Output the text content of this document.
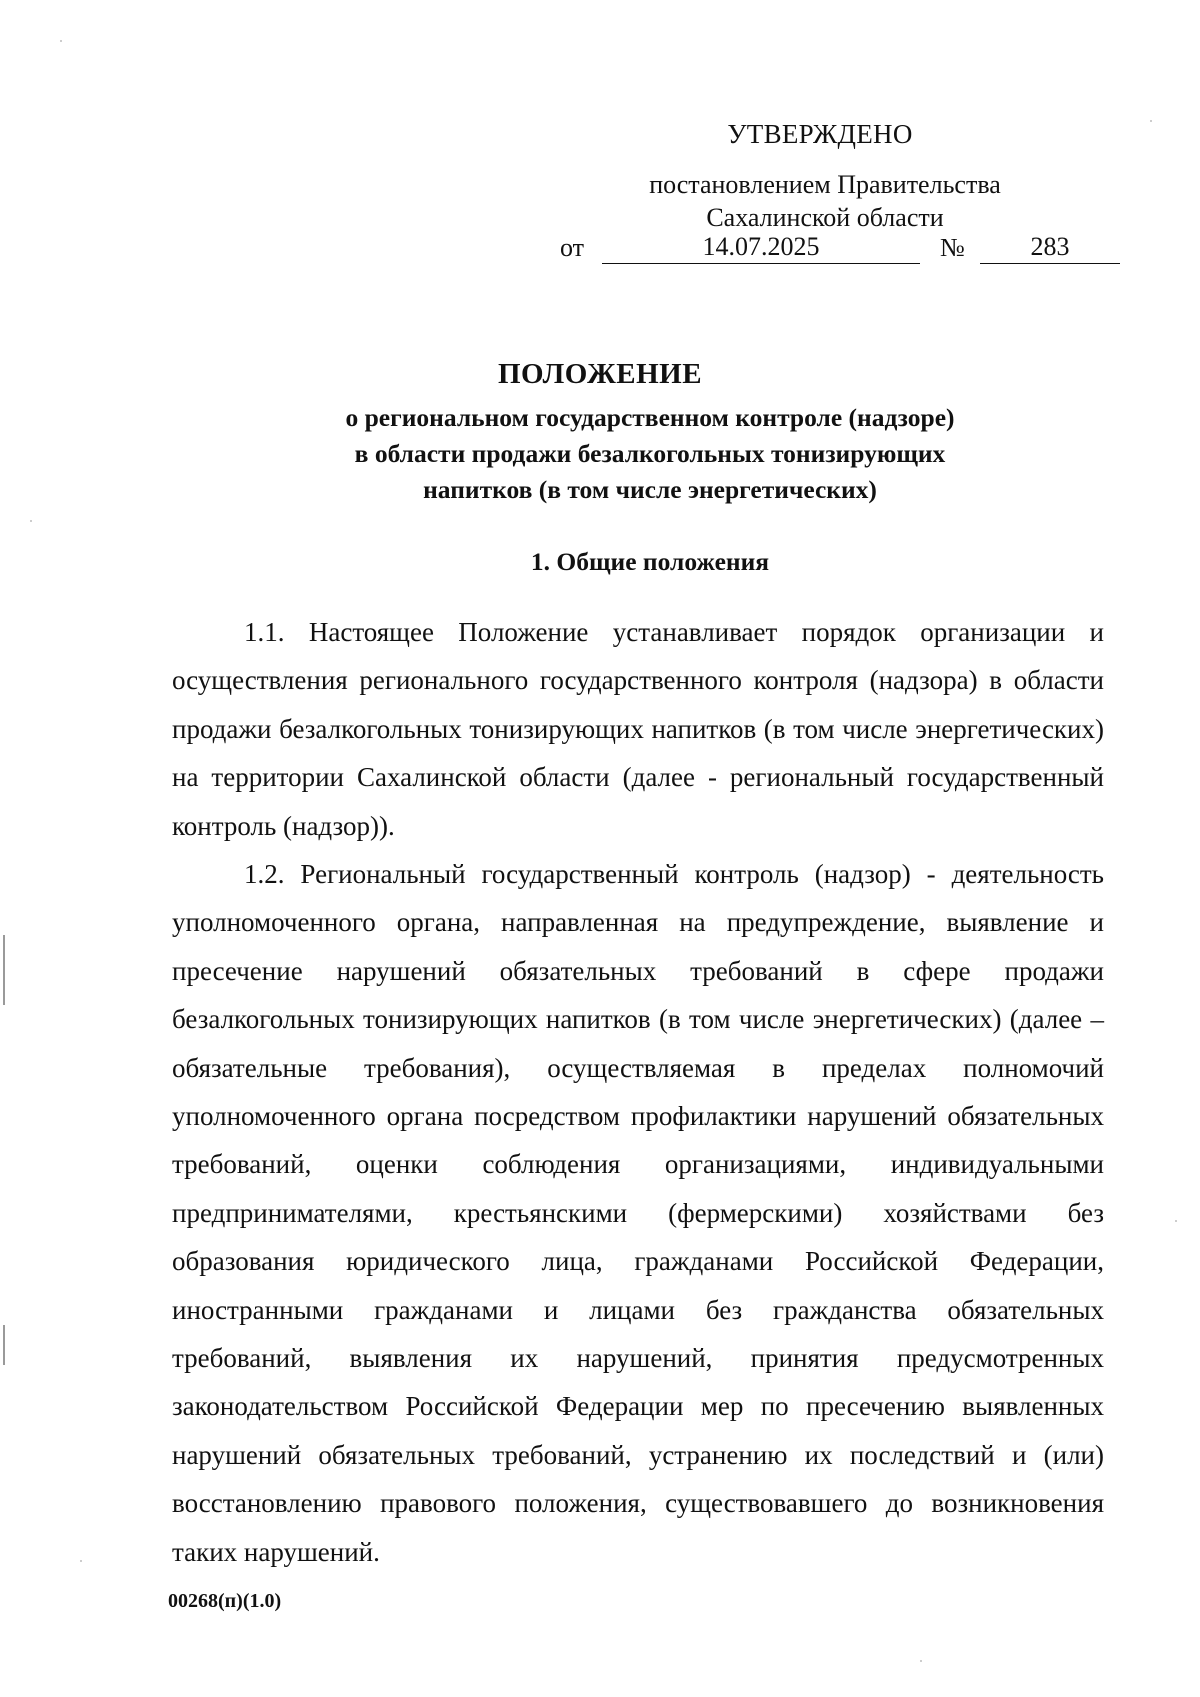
УТВЕРЖДЕНО
постановлением Правительства
Сахалинской области
от	14.07.2025	№	283
ПОЛОЖЕНИЕ
о региональном государственном контроле (надзоре)
в области продажи безалкогольных тонизирующих
напитков (в том числе энергетических)
1. Общие положения

1.1. Настоящее Положение устанавливает порядок организации и осуществления регионального государственного контроля (надзора) в области продажи безалкогольных тонизирующих напитков (в том числе энергетических) на территории Сахалинской области (далее - региональный государственный контроль (надзор)).

1.2. Региональный государственный контроль (надзор) - деятельность уполномоченного органа, направленная на предупреждение, выявление и пресечение нарушений обязательных требований в сфере продажи безалкогольных тонизирующих напитков (в том числе энергетических) (далее – обязательные требования), осуществляемая в пределах полномочий уполномоченного органа посредством профилактики нарушений обязательных требований, оценки соблюдения организациями, индивидуальными предпринимателями, крестьянскими (фермерскими) хозяйствами без образования юридического лица, гражданами Российской Федерации, иностранными гражданами и лицами без гражданства обязательных требований, выявления их нарушений, принятия предусмотренных законодательством Российской Федерации мер по пресечению выявленных нарушений обязательных требований, устранению их последствий и (или) восстановлению правового положения, существовавшего до возникновения таких нарушений.

00268(п)(1.0)
